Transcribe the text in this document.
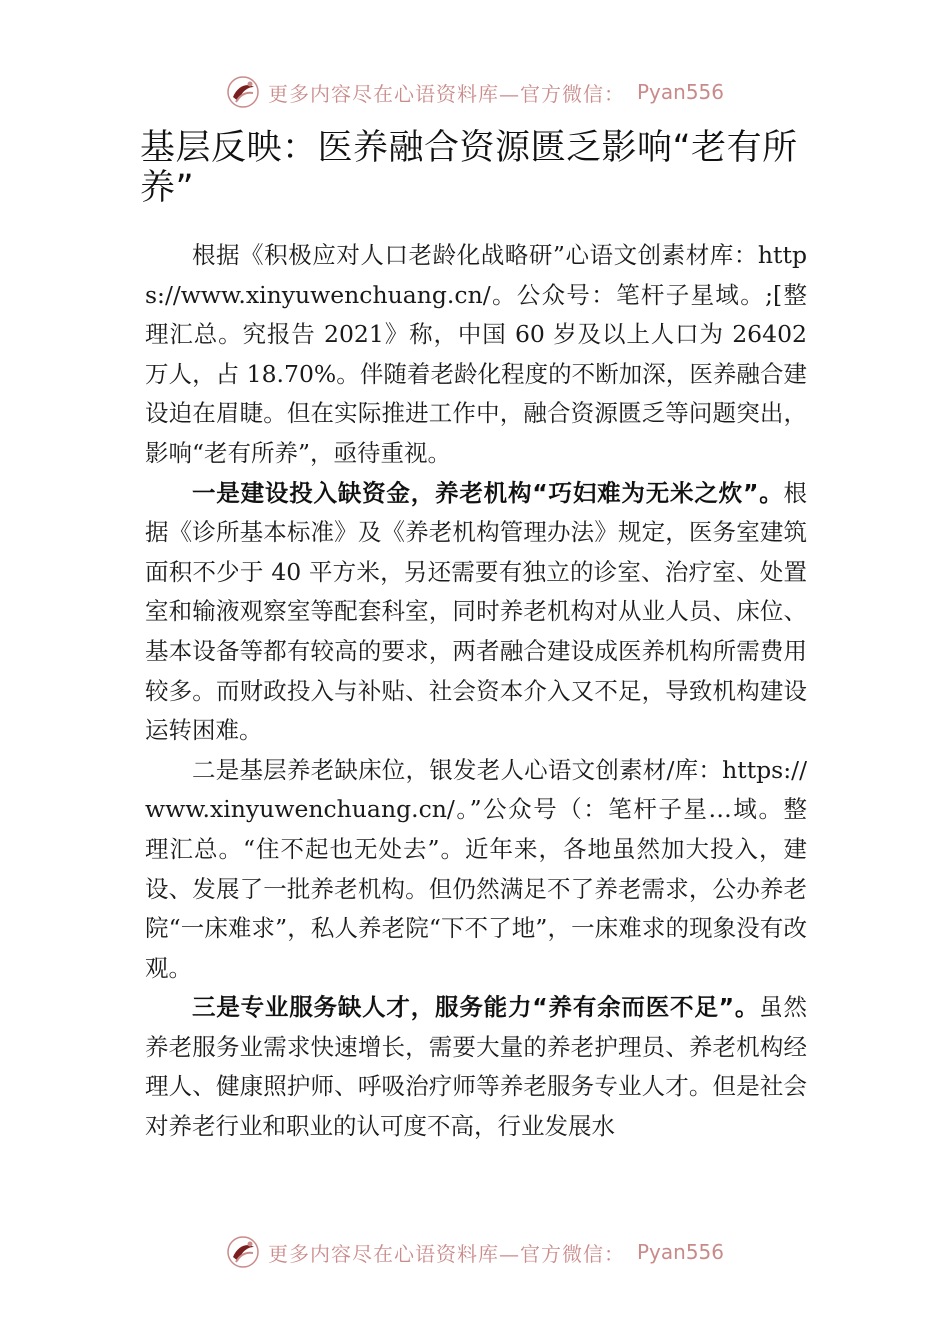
更多内容尽在心语资料库—官方微信： Pyan556
基层反映：医养融合资源匮乏影响“老有所养”

根据《积极应对人口老龄化战略研”心语文创素材库：https://www.xinyuwenchuang.cn/。公众号：笔杆子星域。;[整理汇总。究报告 2021》称，中国 60 岁及以上人口为 26402 万人，占 18.70%。伴随着老龄化程度的不断加深，医养融合建设迫在眉睫。但在实际推进工作中，融合资源匮乏等问题突出，影响“老有所养”，亟待重视。

一是建设投入缺资金，养老机构“巧妇难为无米之炊”。根据《诊所基本标准》及《养老机构管理办法》规定，医务室建筑面积不少于 40 平方米，另还需要有独立的诊室、治疗室、处置室和输液观察室等配套科室，同时养老机构对从业人员、床位、基本设备等都有较高的要求，两者融合建设成医养机构所需费用较多。而财政投入与补贴、社会资本介入又不足，导致机构建设运转困难。

二是基层养老缺床位，银发老人心语文创素材/库：https://www.xinyuwenchuang.cn/。”公众号（：笔杆子星…域。整理汇总。“住不起也无处去”。近年来，各地虽然加大投入，建设、发展了一批养老机构。但仍然满足不了养老需求，公办养老院“一床难求”，私人养老院“下不了地”，一床难求的现象没有改观。

三是专业服务缺人才，服务能力“养有余而医不足”。虽然养老服务业需求快速增长，需要大量的养老护理员、养老机构经理人、健康照护师、呼吸治疗师等养老服务专业人才。但是社会对养老行业和职业的认可度不高，行业发展水

更多内容尽在心语资料库—官方微信： Pyan556
